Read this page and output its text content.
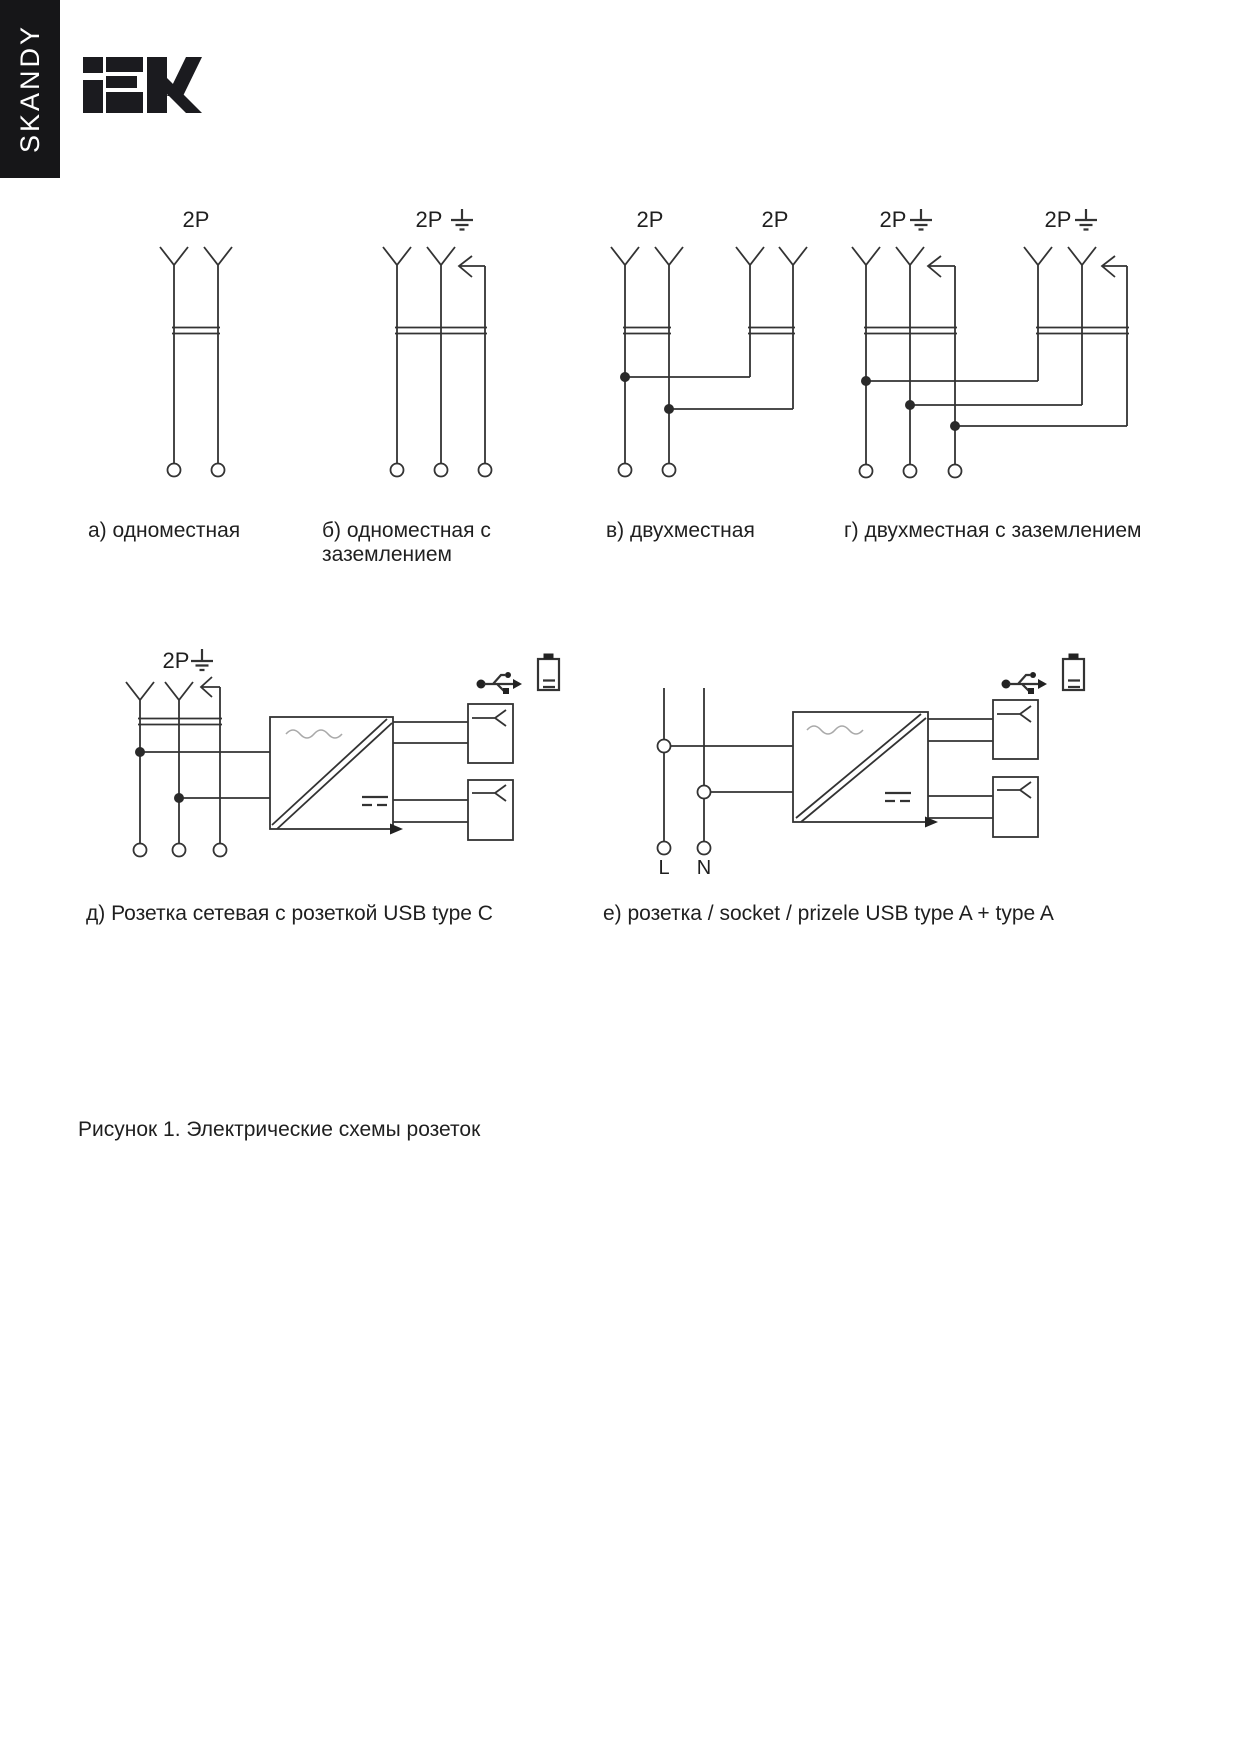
SKANDY
2P	2P	2P	2P	2P	2P
2P
L N
а) одноместная	б) одноместная с заземлением
в) двухместная	г) двухместная с заземлением
д) Розетка сетевая с розеткой USB type C	е) розетка / socket / prizele USB type A + type A
Рисунок 1. Электрические схемы розеток
